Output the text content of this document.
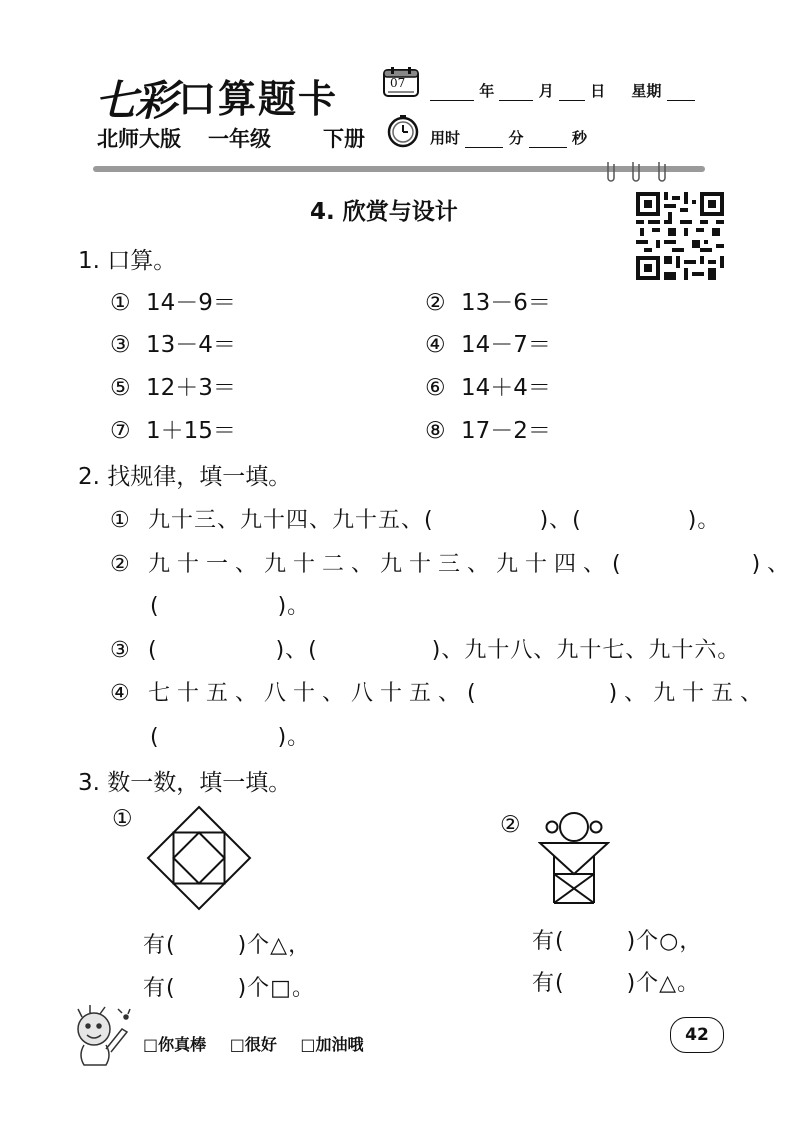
七彩 口算题卡	07	年	月 日 星期
北师大版 一年级 下册	用时	分	秒
4. 欣赏与设计
1. 口算。
① 14－9＝	② 13－6＝
③ 13－4＝	④ 14－7＝
⑤ 12＋3＝	⑥ 14＋4＝
⑦ 1＋15＝	⑧ 17－2＝
2. 找规律，填一填。
① 九十三、九十四、九十五、(	)、(	)。
② 九十一、九十二、九十三、九十四、(	)、
(	)。
③ (	)、(	)、九十八、九十七、九十六。
④ 七十五、八十、八十五、(	)、九十五、
(	)。
3. 数一数，填一填。
①	②
有(	)个△，
有(	)个□。
有(	)个○，
有(	)个△。
□你真棒 □很好 □加油哦	42
